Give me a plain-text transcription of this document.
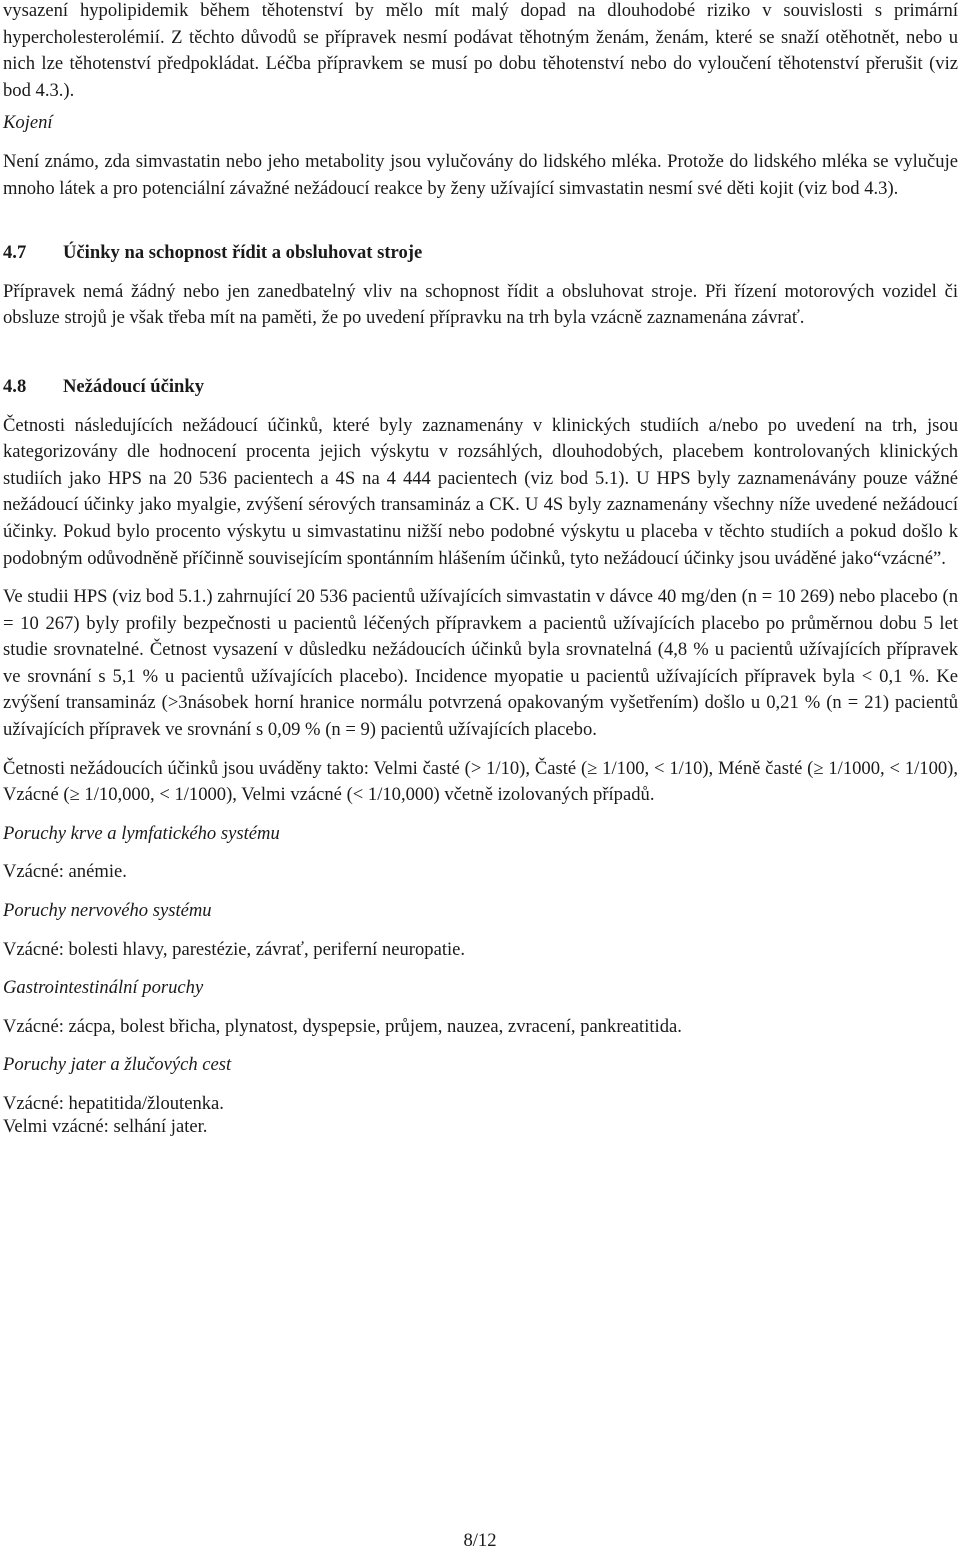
vysazení hypolipidemik během těhotenství by mělo mít malý dopad na dlouhodobé riziko v souvislosti s primární hypercholesterolémií. Z těchto důvodů se přípravek nesmí podávat těhotným ženám, ženám, které se snaží otěhotnět, nebo u nich lze těhotenství předpokládat. Léčba přípravkem se musí po dobu těhotenství nebo do vyloučení těhotenství přerušit (viz bod 4.3.).

Kojení

Není známo, zda simvastatin nebo jeho metabolity jsou vylučovány do lidského mléka. Protože do lidského mléka se vylučuje mnoho látek a pro potenciální závažné nežádoucí reakce by ženy užívající simvastatin nesmí své děti kojit (viz bod 4.3).

4.7 Účinky na schopnost řídit a obsluhovat stroje

Přípravek nemá žádný nebo jen zanedbatelný vliv na schopnost řídit a obsluhovat stroje. Při řízení motorových vozidel či obsluze strojů je však třeba mít na paměti, že po uvedení přípravku na trh byla vzácně zaznamenána závrať.

4.8 Nežádoucí účinky

Četnosti následujících nežádoucí účinků, které byly zaznamenány v klinických studiích a/nebo po uvedení na trh, jsou kategorizovány dle hodnocení procenta jejich výskytu v rozsáhlých, dlouhodobých, placebem kontrolovaných klinických studiích jako HPS na 20 536 pacientech a 4S na 4 444 pacientech (viz bod 5.1). U HPS byly zaznamenávány pouze vážné nežádoucí účinky jako myalgie, zvýšení sérových transamináz a CK. U 4S byly zaznamenány všechny níže uvedené nežádoucí účinky. Pokud bylo procento výskytu u simvastatinu nižší nebo podobné výskytu u placeba v těchto studiích a pokud došlo k podobným odůvodněně příčinně souvisejícím spontánním hlášením účinků, tyto nežádoucí účinky jsou uváděné jako“vzácné”.

Ve studii HPS (viz bod 5.1.) zahrnující 20 536 pacientů užívajících simvastatin v dávce 40 mg/den (n = 10 269) nebo placebo (n = 10 267) byly profily bezpečnosti u pacientů léčených přípravkem a pacientů užívajících placebo po průměrnou dobu 5 let studie srovnatelné. Četnost vysazení v důsledku nežádoucích účinků byla srovnatelná (4,8 % u pacientů užívajících přípravek ve srovnání s 5,1 % u pacientů užívajících placebo). Incidence myopatie u pacientů užívajících přípravek byla < 0,1 %. Ke zvýšení transamináz (>3násobek horní hranice normálu potvrzená opakovaným vyšetřením) došlo u 0,21 % (n = 21) pacientů užívajících přípravek ve srovnání s 0,09 % (n = 9) pacientů užívajících placebo.

Četnosti nežádoucích účinků jsou uváděny takto: Velmi časté (> 1/10), Časté (≥ 1/100, < 1/10), Méně časté (≥ 1/1000, < 1/100), Vzácné (≥ 1/10,000, < 1/1000), Velmi vzácné (< 1/10,000) včetně izolovaných případů.

Poruchy krve a lymfatického systému

Vzácné: anémie.

Poruchy nervového systému

Vzácné: bolesti hlavy, parestézie, závrať, periferní neuropatie.

Gastrointestinální poruchy

Vzácné: zácpa, bolest břicha, plynatost, dyspepsie, průjem, nauzea, zvracení, pankreatitida.

Poruchy jater a žlučových cest

Vzácné: hepatitida/žloutenka.

Velmi vzácné: selhání jater.

8/12
